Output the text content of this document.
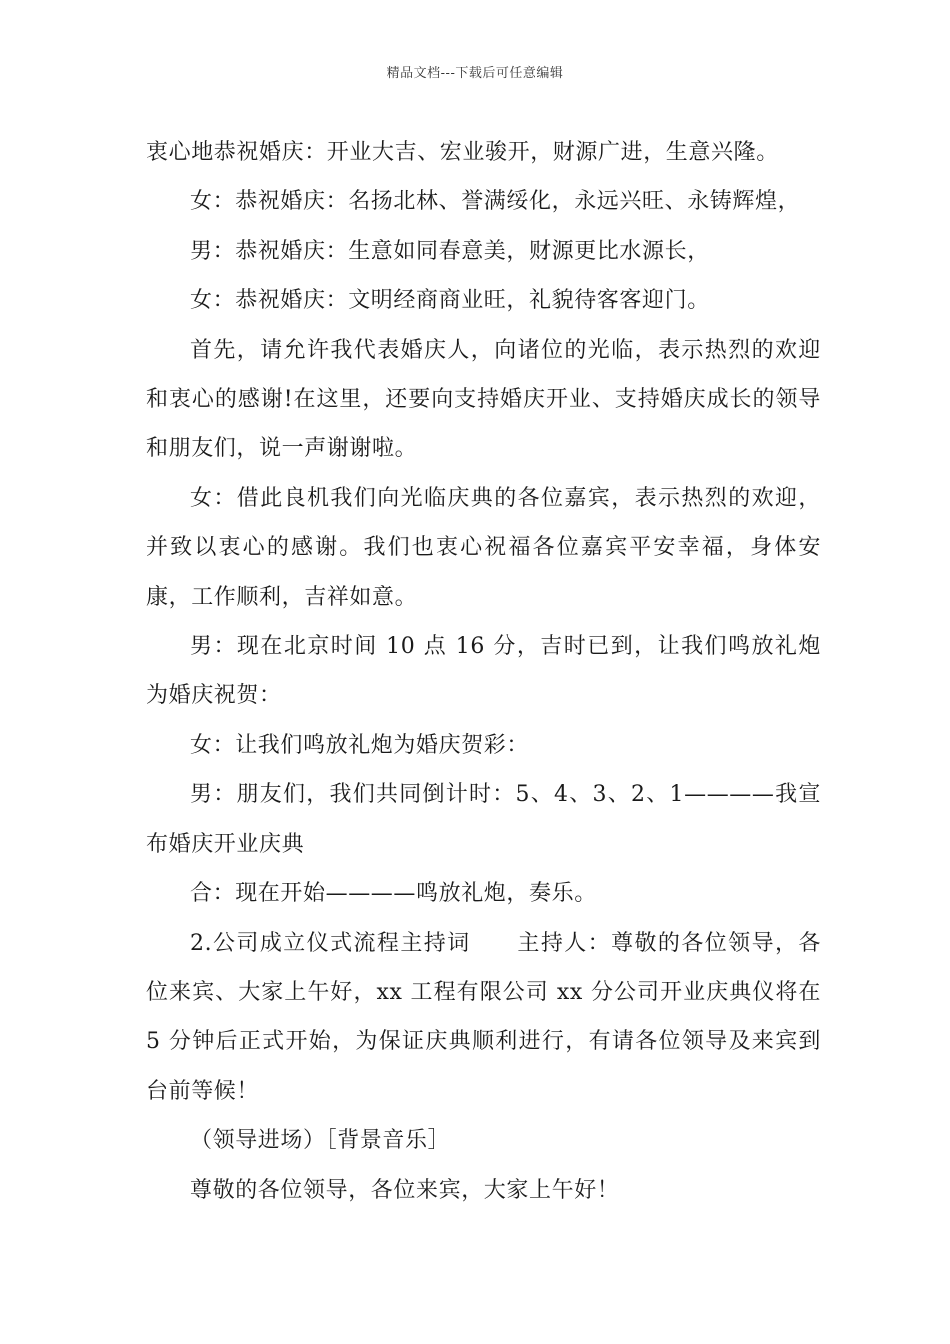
精品文档---下载后可任意编辑

衷心地恭祝婚庆：开业大吉、宏业骏开，财源广进，生意兴隆。

女：恭祝婚庆：名扬北林、誉满绥化，永远兴旺、永铸辉煌，

男：恭祝婚庆：生意如同春意美，财源更比水源长，

女：恭祝婚庆：文明经商商业旺，礼貌待客客迎门。

首先，请允许我代表婚庆人，向诸位的光临，表示热烈的欢迎和衷心的感谢!在这里，还要向支持婚庆开业、支持婚庆成长的领导和朋友们，说一声谢谢啦。

女：借此良机我们向光临庆典的各位嘉宾，表示热烈的欢迎，并致以衷心的感谢。我们也衷心祝福各位嘉宾平安幸福，身体安康，工作顺利，吉祥如意。

男：现在北京时间 10 点 16 分，吉时已到，让我们鸣放礼炮为婚庆祝贺：

女：让我们鸣放礼炮为婚庆贺彩：

男：朋友们，我们共同倒计时：5、4、3、2、1————我宣布婚庆开业庆典

合：现在开始————鸣放礼炮，奏乐。

2.公司成立仪式流程主持词　　主持人：尊敬的各位领导，各位来宾、大家上午好，xx 工程有限公司 xx 分公司开业庆典仪将在 5 分钟后正式开始，为保证庆典顺利进行，有请各位领导及来宾到台前等候！

（领导进场）［背景音乐］

尊敬的各位领导，各位来宾，大家上午好！
